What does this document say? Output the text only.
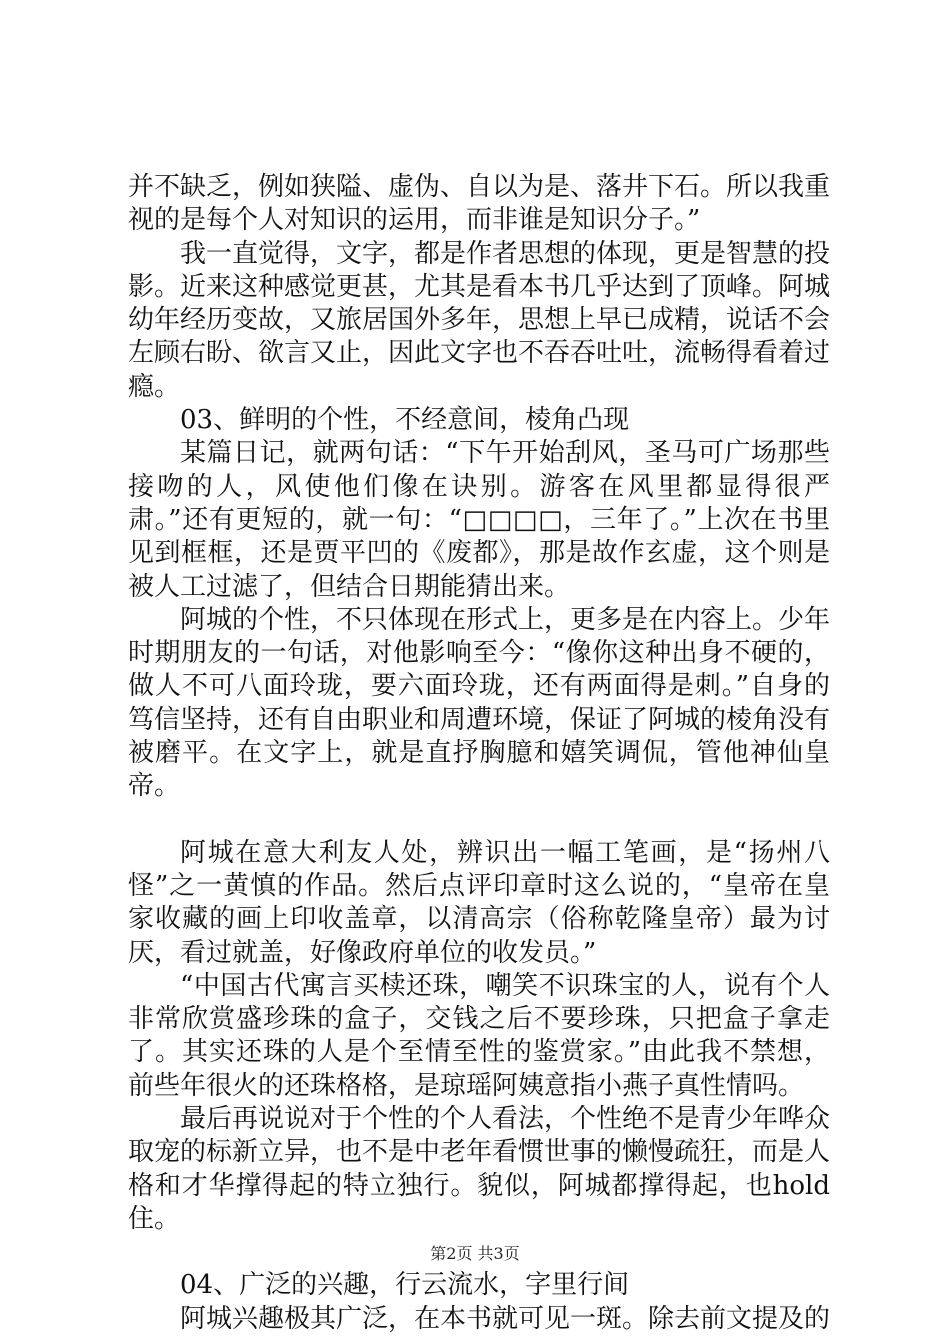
并不缺乏，例如狭隘、虚伪、自以为是、落井下石。所以我重视的是每个人对知识的运用，而非谁是知识分子。”

我一直觉得，文字，都是作者思想的体现，更是智慧的投影。近来这种感觉更甚，尤其是看本书几乎达到了顶峰。阿城幼年经历变故，又旅居国外多年，思想上早已成精，说话不会左顾右盼、欲言又止，因此文字也不吞吞吐吐，流畅得看着过瘾。

03、鲜明的个性，不经意间，棱角凸现

某篇日记，就两句话：“下午开始刮风，圣马可广场那些接吻的人，风使他们像在诀别。游客在风里都显得很严肃。”还有更短的，就一句：“□□□□，三年了。”上次在书里见到框框，还是贾平凹的《废都》，那是故作玄虚，这个则是被人工过滤了，但结合日期能猜出来。

阿城的个性，不只体现在形式上，更多是在内容上。少年时期朋友的一句话，对他影响至今：“像你这种出身不硬的，做人不可八面玲珑，要六面玲珑，还有两面得是刺。”自身的笃信坚持，还有自由职业和周遭环境，保证了阿城的棱角没有被磨平。在文字上，就是直抒胸臆和嬉笑调侃，管他神仙皇帝。

阿城在意大利友人处，辨识出一幅工笔画，是“扬州八怪”之一黄慎的作品。然后点评印章时这么说的，“皇帝在皇家收藏的画上印收盖章，以清高宗（俗称乾隆皇帝）最为讨厌，看过就盖，好像政府单位的收发员。”

“中国古代寓言买椟还珠，嘲笑不识珠宝的人，说有个人非常欣赏盛珍珠的盒子，交钱之后不要珍珠，只把盒子拿走了。其实还珠的人是个至情至性的鉴赏家。”由此我不禁想，前些年很火的还珠格格，是琼瑶阿姨意指小燕子真性情吗。

最后再说说对于个性的个人看法，个性绝不是青少年哗众取宠的标新立异，也不是中老年看惯世事的懒慢疏狂，而是人格和才华撑得起的特立独行。貌似，阿城都撑得起，也hold住。

04、广泛的兴趣，行云流水，字里行间

阿城兴趣极其广泛，在本书就可见一斑。除去前文提及的

第2页 共3页
